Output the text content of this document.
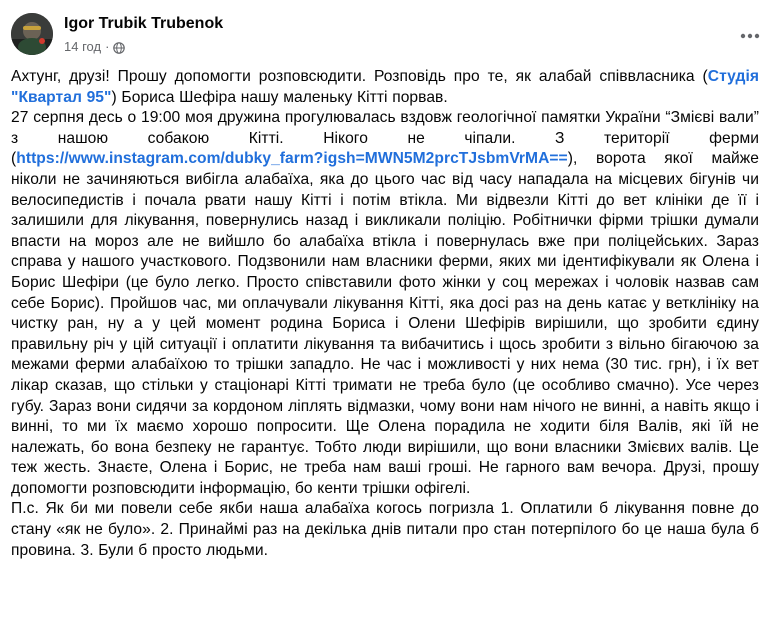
Igor Trubik Trubenok
14 год ·

Ахтунг, друзі! Прошу допомогти розповсюдити. Розповідь про те, як алабай співвласника (Студія "Квартал 95") Бориса Шефіра нашу маленьку Кітті порвав.

27 серпня десь о 19:00 моя дружина прогулювалась вздовж геологічної памятки України “Змієві вали” з нашою собакою Кітті. Нікого не чіпали. З території ферми (https://www.instagram.com/dubky_farm?igsh=MWN5M2prcTJsbmVrMA==), ворота якої майже ніколи не зачиняються вибігла алабаїха, яка до цього час від часу нападала на місцевих бігунів чи велосипедистів і почала рвати нашу Кітті і потім втікла. Ми відвезли Кітті до вет клініки де її і залишили для лікування, повернулись назад і викликали поліцію. Робітнички фірми трішки думали впасти на мороз але не вийшло бо алабаїха втікла і повернулась вже при поліцейських. Зараз справа у нашого участкового. Подзвонили нам власники ферми, яких ми ідентифікували як Олена і Борис Шефіри (це було легко. Просто співставили фото жінки у соц мережах і чоловік назвав сам себе Борис). Пройшов час, ми оплачували лікування Кітті, яка досі раз на день катає у ветклініку на чистку ран, ну а у цей момент родина Бориса і Олени Шефірів вирішили, що зробити єдину правильну річ у цій ситуації і оплатити лікування та вибачитись і щось зробити з вільно бігаючою за межами ферми алабаїхою то трішки западло. Не час і можливості у них нема (30 тис. грн), і їх вет лікар сказав, що стільки у стаціонарі Кітті тримати не треба було (це особливо смачно). Усе через губу. Зараз вони сидячи за кордоном ліплять відмазки, чому вони нам нічого не винні, а навіть якщо і винні, то ми їх маємо хорошо попросити. Ще Олена порадила не ходити біля Валів, які їй не належать, бо вона безпеку не гарантує. Тобто люди вирішили, що вони власники Змієвих валів. Це теж жесть. Знаєте, Олена і Борис, не треба нам ваші гроші. Не гарного вам вечора. Друзі, прошу допомогти розповсюдити інформацію, бо кенти трішки офігелі.

П.с. Як би ми повели себе якби наша алабаїха когось погризла 1. Оплатили б лікування повне до стану «як не було». 2. Принаймі раз на декілька днів питали про стан потерпілого бо це наша була б провина. 3. Були б просто людьми.
